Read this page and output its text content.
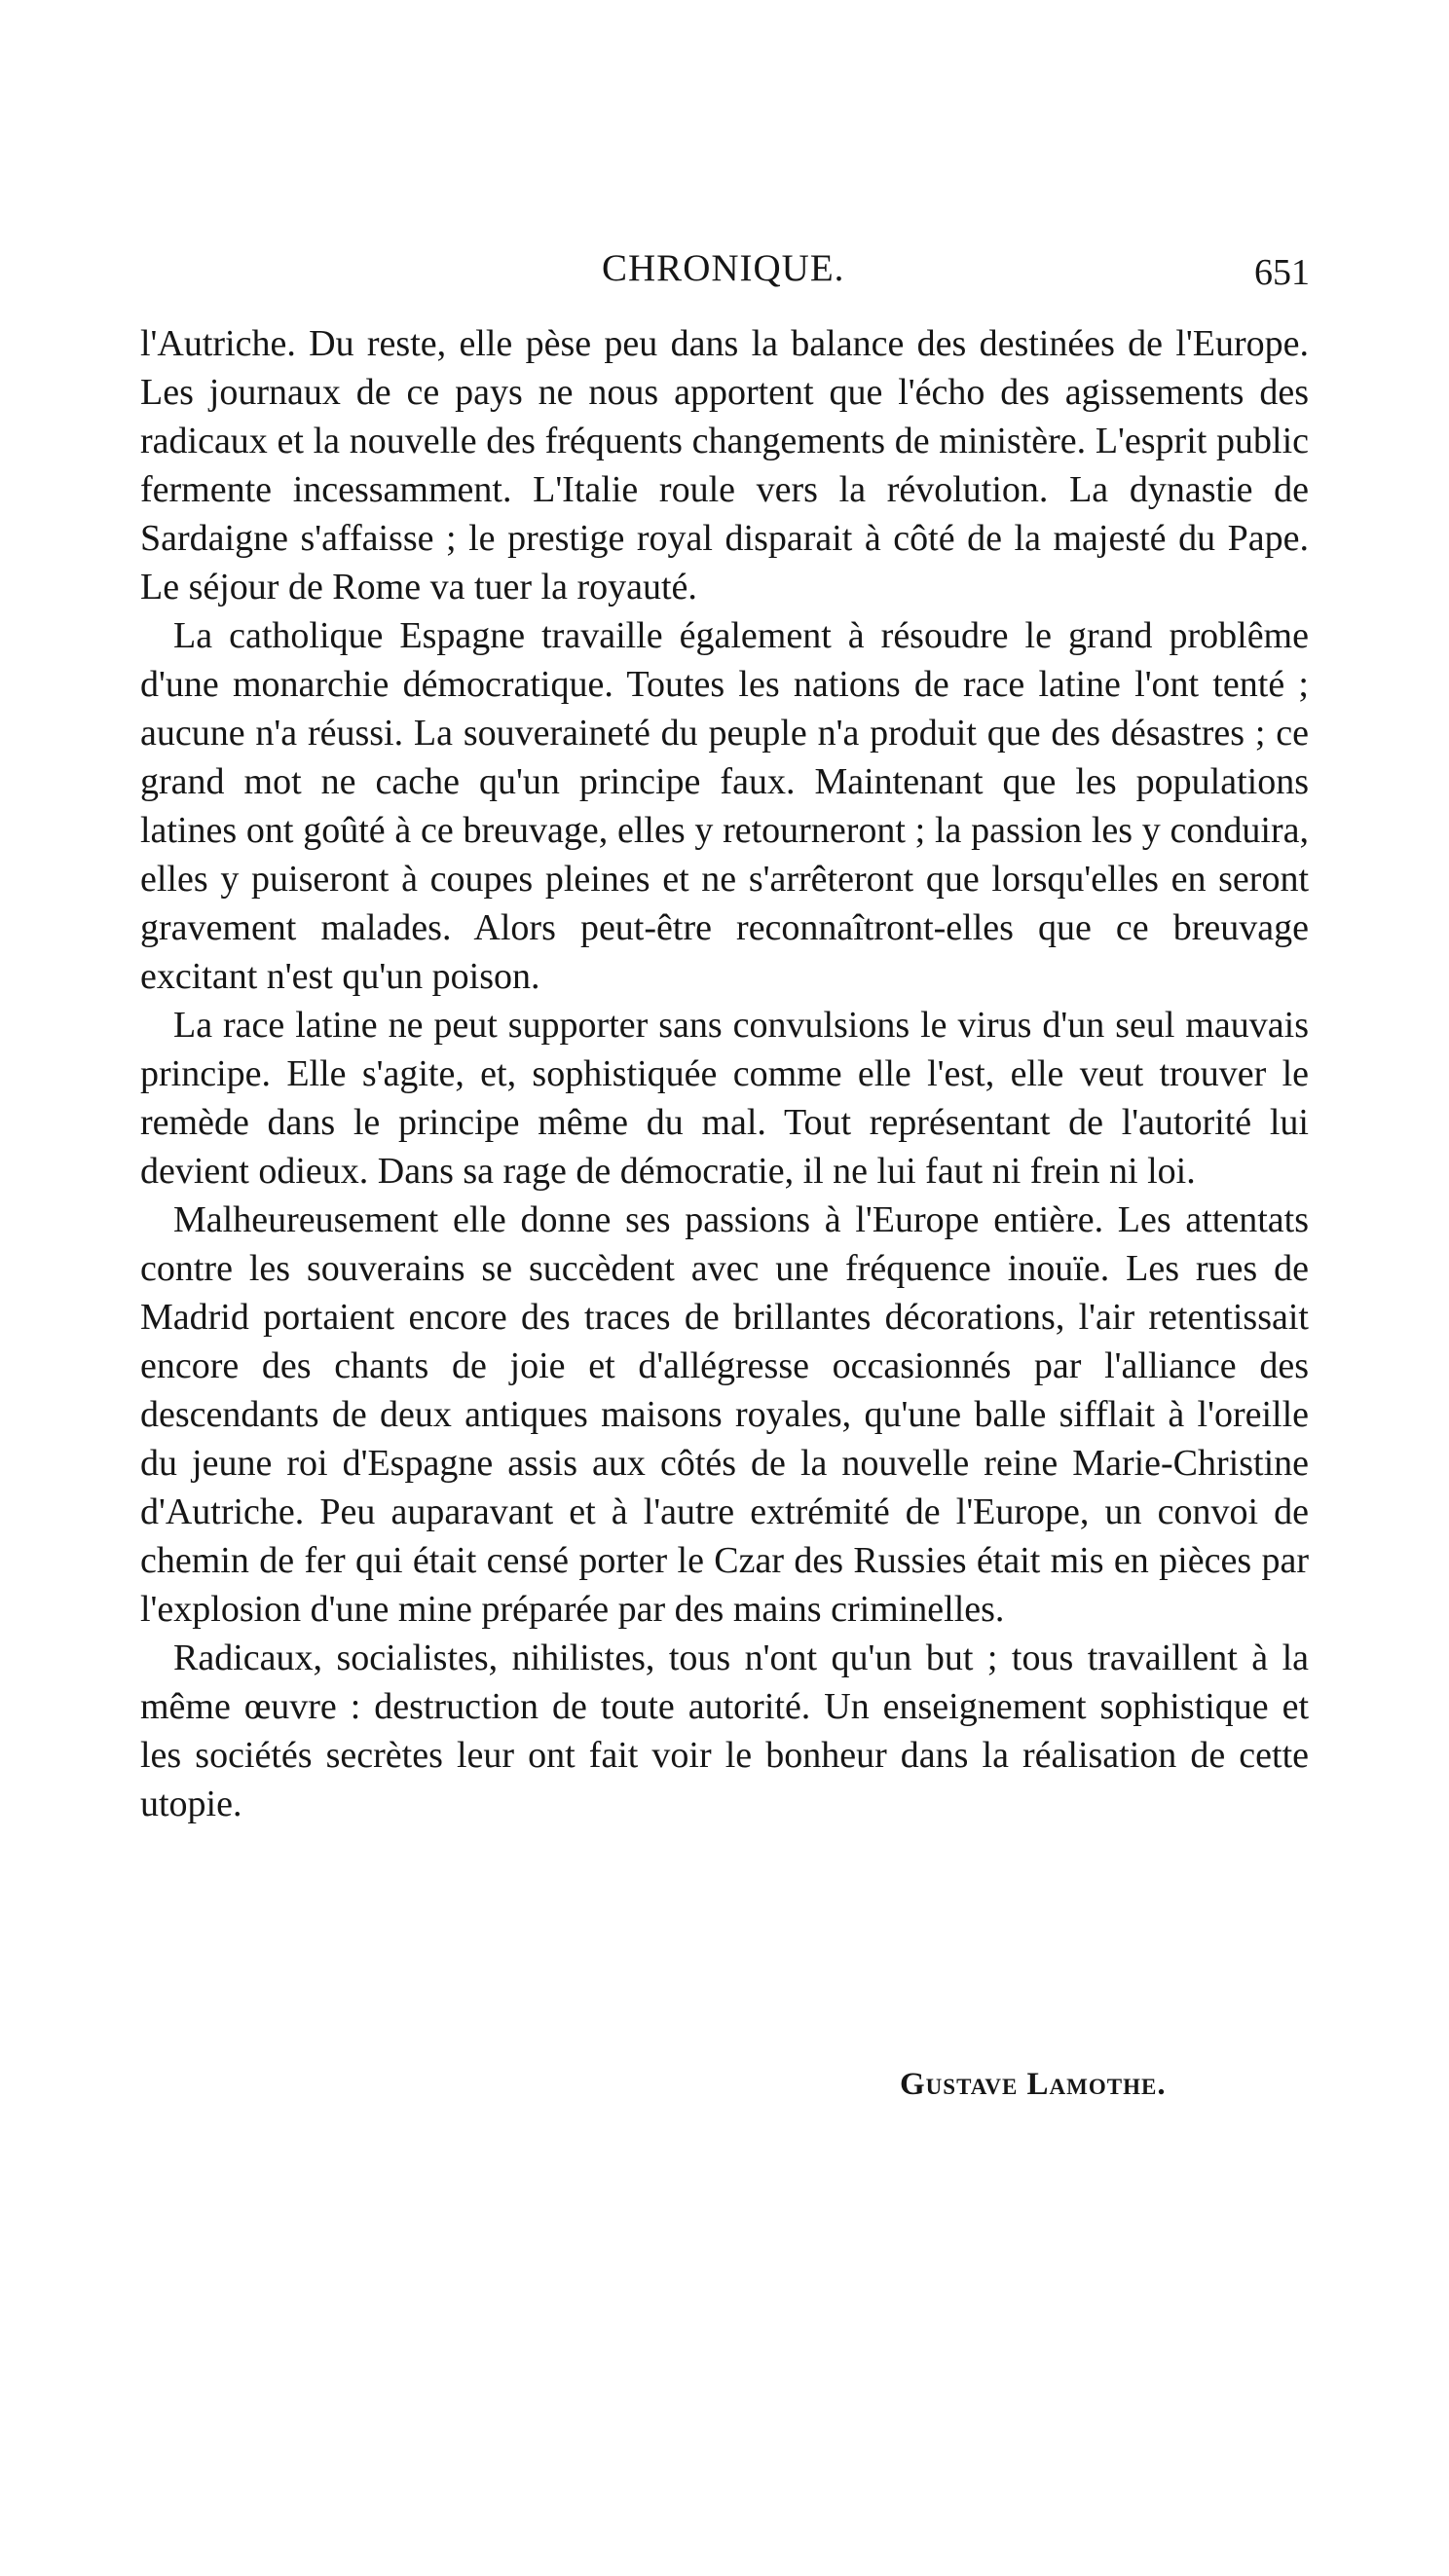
CHRONIQUE.	651

l'Autriche. Du reste, elle pèse peu dans la balance des destinées de l'Europe. Les journaux de ce pays ne nous apportent que l'écho des agissements des radicaux et la nouvelle des fréquents changements de ministère. L'esprit public fermente incessamment. L'Italie roule vers la révolution. La dynastie de Sardaigne s'affaisse ; le prestige royal disparait à côté de la majesté du Pape. Le séjour de Rome va tuer la royauté.

La catholique Espagne travaille également à résoudre le grand problême d'une monarchie démocratique. Toutes les nations de race latine l'ont tenté ; aucune n'a réussi. La souveraineté du peuple n'a produit que des désastres ; ce grand mot ne cache qu'un principe faux. Maintenant que les populations latines ont goûté à ce breuvage, elles y retourneront ; la passion les y conduira, elles y puiseront à coupes pleines et ne s'arrêteront que lorsqu'elles en seront gravement malades. Alors peut-être reconnaîtront-elles que ce breuvage excitant n'est qu'un poison.

La race latine ne peut supporter sans convulsions le virus d'un seul mauvais principe. Elle s'agite, et, sophistiquée comme elle l'est, elle veut trouver le remède dans le principe même du mal. Tout représentant de l'autorité lui devient odieux. Dans sa rage de démocratie, il ne lui faut ni frein ni loi.

Malheureusement elle donne ses passions à l'Europe entière. Les attentats contre les souverains se succèdent avec une fréquence inouïe. Les rues de Madrid portaient encore des traces de brillantes décorations, l'air retentissait encore des chants de joie et d'allégresse occasionnés par l'alliance des descendants de deux antiques maisons royales, qu'une balle sifflait à l'oreille du jeune roi d'Espagne assis aux côtés de la nouvelle reine Marie-Christine d'Autriche. Peu auparavant et à l'autre extrémité de l'Europe, un convoi de chemin de fer qui était censé porter le Czar des Russies était mis en pièces par l'explosion d'une mine préparée par des mains criminelles.

Radicaux, socialistes, nihilistes, tous n'ont qu'un but ; tous travaillent à la même œuvre : destruction de toute autorité. Un enseignement sophistique et les sociétés secrètes leur ont fait voir le bonheur dans la réalisation de cette utopie.

Gustave Lamothe.
